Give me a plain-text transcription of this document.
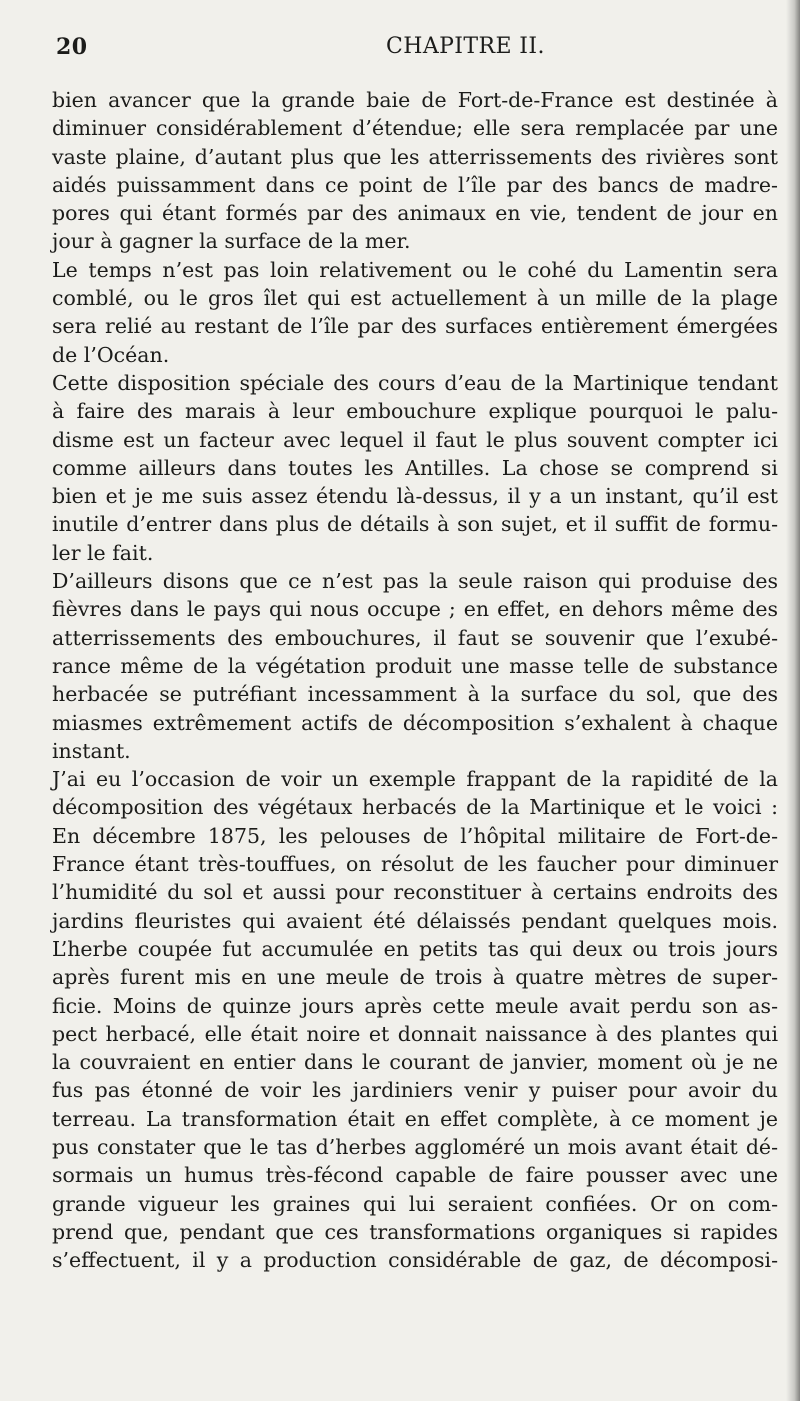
20	CHAPITRE II.
bien avancer que la grande baie de Fort-de-France est destinée à
diminuer considérablement d’étendue; elle sera remplacée par une
vaste plaine, d’autant plus que les atterrissements des rivières sont
aidés puissamment dans ce point de l’île par des bancs de madre-
pores qui étant formés par des animaux en vie, tendent de jour en
jour à gagner la surface de la mer.
Le temps n’est pas loin relativement ou le cohé du Lamentin sera
comblé, ou le gros îlet qui est actuellement à un mille de la plage
sera relié au restant de l’île par des surfaces entièrement émergées
de l’Océan.
Cette disposition spéciale des cours d’eau de la Martinique tendant
à faire des marais à leur embouchure explique pourquoi le palu-
disme est un facteur avec lequel il faut le plus souvent compter ici
comme ailleurs dans toutes les Antilles. La chose se comprend si
bien et je me suis assez étendu là-dessus, il y a un instant, qu’il est
inutile d’entrer dans plus de détails à son sujet, et il suffit de formu-
ler le fait.
D’ailleurs disons que ce n’est pas la seule raison qui produise des
fièvres dans le pays qui nous occupe ; en effet, en dehors même des
atterrissements des embouchures, il faut se souvenir que l’exubé-
rance même de la végétation produit une masse telle de substance
herbacée se putréfiant incessamment à la surface du sol, que des
miasmes extrêmement actifs de décomposition s’exhalent à chaque
instant.
J’ai eu l’occasion de voir un exemple frappant de la rapidité de la
décomposition des végétaux herbacés de la Martinique et le voici :
En décembre 1875, les pelouses de l’hôpital militaire de Fort-de-
France étant très-touffues, on résolut de les faucher pour diminuer
l’humidité du sol et aussi pour reconstituer à certains endroits des
jardins fleuristes qui avaient été délaissés pendant quelques mois.
L’herbe coupée fut accumulée en petits tas qui deux ou trois jours
après furent mis en une meule de trois à quatre mètres de super-
ficie. Moins de quinze jours après cette meule avait perdu son as-
pect herbacé, elle était noire et donnait naissance à des plantes qui
la couvraient en entier dans le courant de janvier, moment où je ne
fus pas étonné de voir les jardiniers venir y puiser pour avoir du
terreau. La transformation était en effet complète, à ce moment je
pus constater que le tas d’herbes aggloméré un mois avant était dé-
sormais un humus très-fécond capable de faire pousser avec une
grande vigueur les graines qui lui seraient confiées. Or on com-
prend que, pendant que ces transformations organiques si rapides
s’effectuent, il y a production considérable de gaz, de décomposi-
